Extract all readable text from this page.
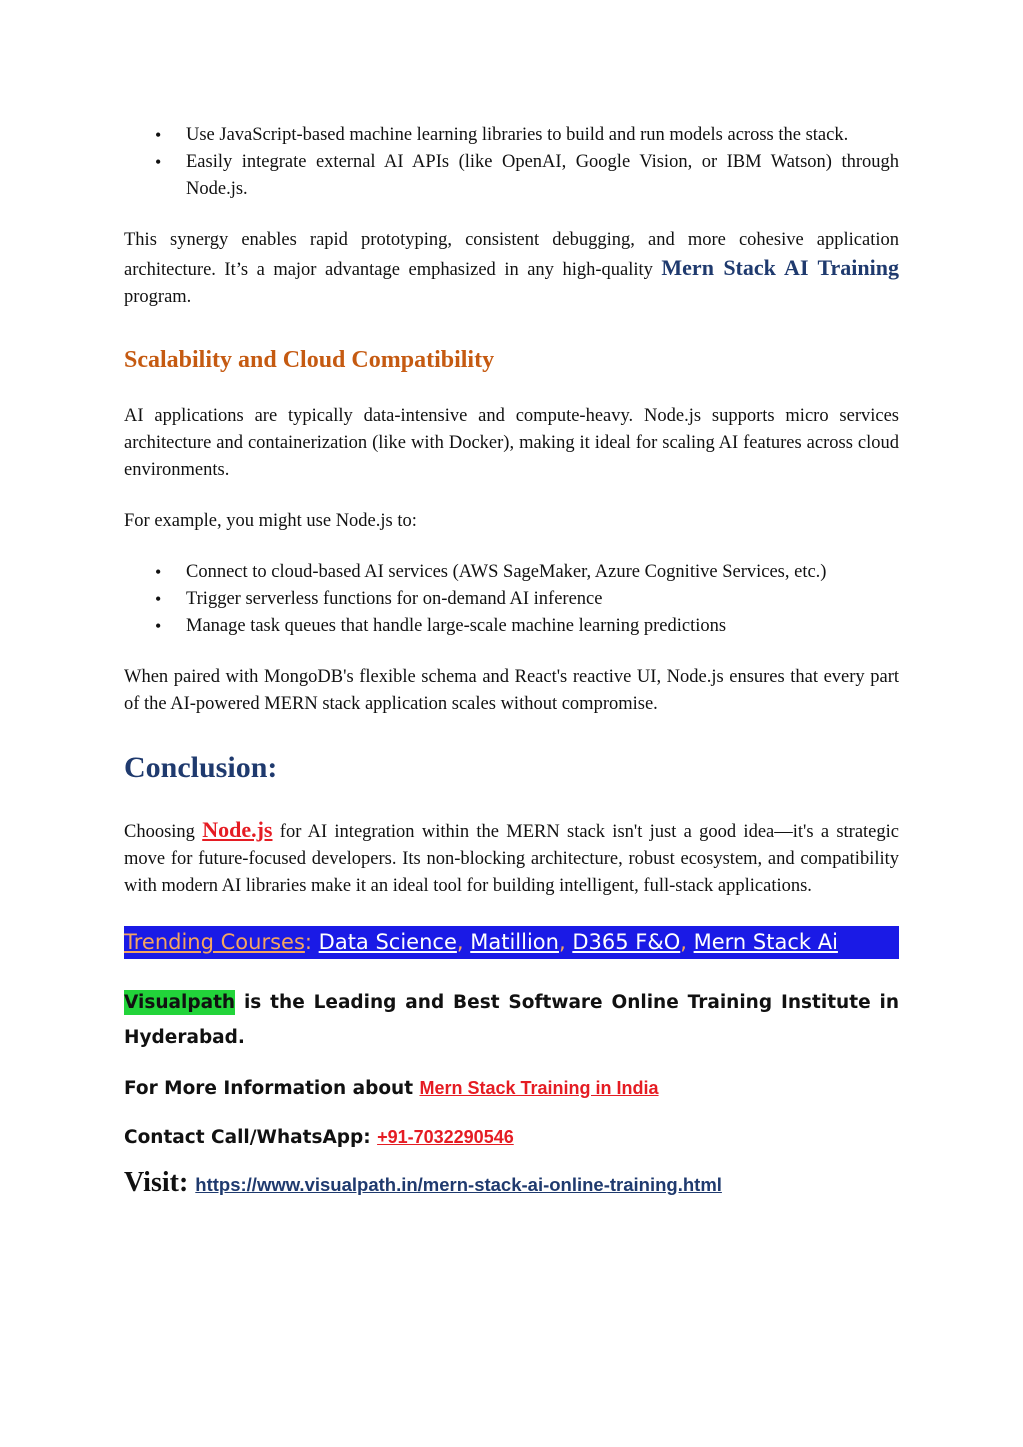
• Use JavaScript-based machine learning libraries to build and run models across the stack.
• Easily integrate external AI APIs (like OpenAI, Google Vision, or IBM Watson) through Node.js.

This synergy enables rapid prototyping, consistent debugging, and more cohesive application architecture. It’s a major advantage emphasized in any high-quality Mern Stack AI Training program.

Scalability and Cloud Compatibility

AI applications are typically data-intensive and compute-heavy. Node.js supports micro services architecture and containerization (like with Docker), making it ideal for scaling AI features across cloud environments.

For example, you might use Node.js to:

• Connect to cloud-based AI services (AWS SageMaker, Azure Cognitive Services, etc.)
• Trigger serverless functions for on-demand AI inference
• Manage task queues that handle large-scale machine learning predictions

When paired with MongoDB's flexible schema and React's reactive UI, Node.js ensures that every part of the AI-powered MERN stack application scales without compromise.

Conclusion:

Choosing Node.js for AI integration within the MERN stack isn't just a good idea—it's a strategic move for future-focused developers. Its non-blocking architecture, robust ecosystem, and compatibility with modern AI libraries make it an ideal tool for building intelligent, full-stack applications.

Trending Courses : Data Science , Matillion , D365 F&O , Mern Stack Ai

Visualpath is the Leading and Best Software Online Training Institute in Hyderabad.

For More Information about Mern Stack Training in India
Contact Call/WhatsApp: +91-7032290546
Visit: https://www.visualpath.in/mern-stack-ai-online-training.html
